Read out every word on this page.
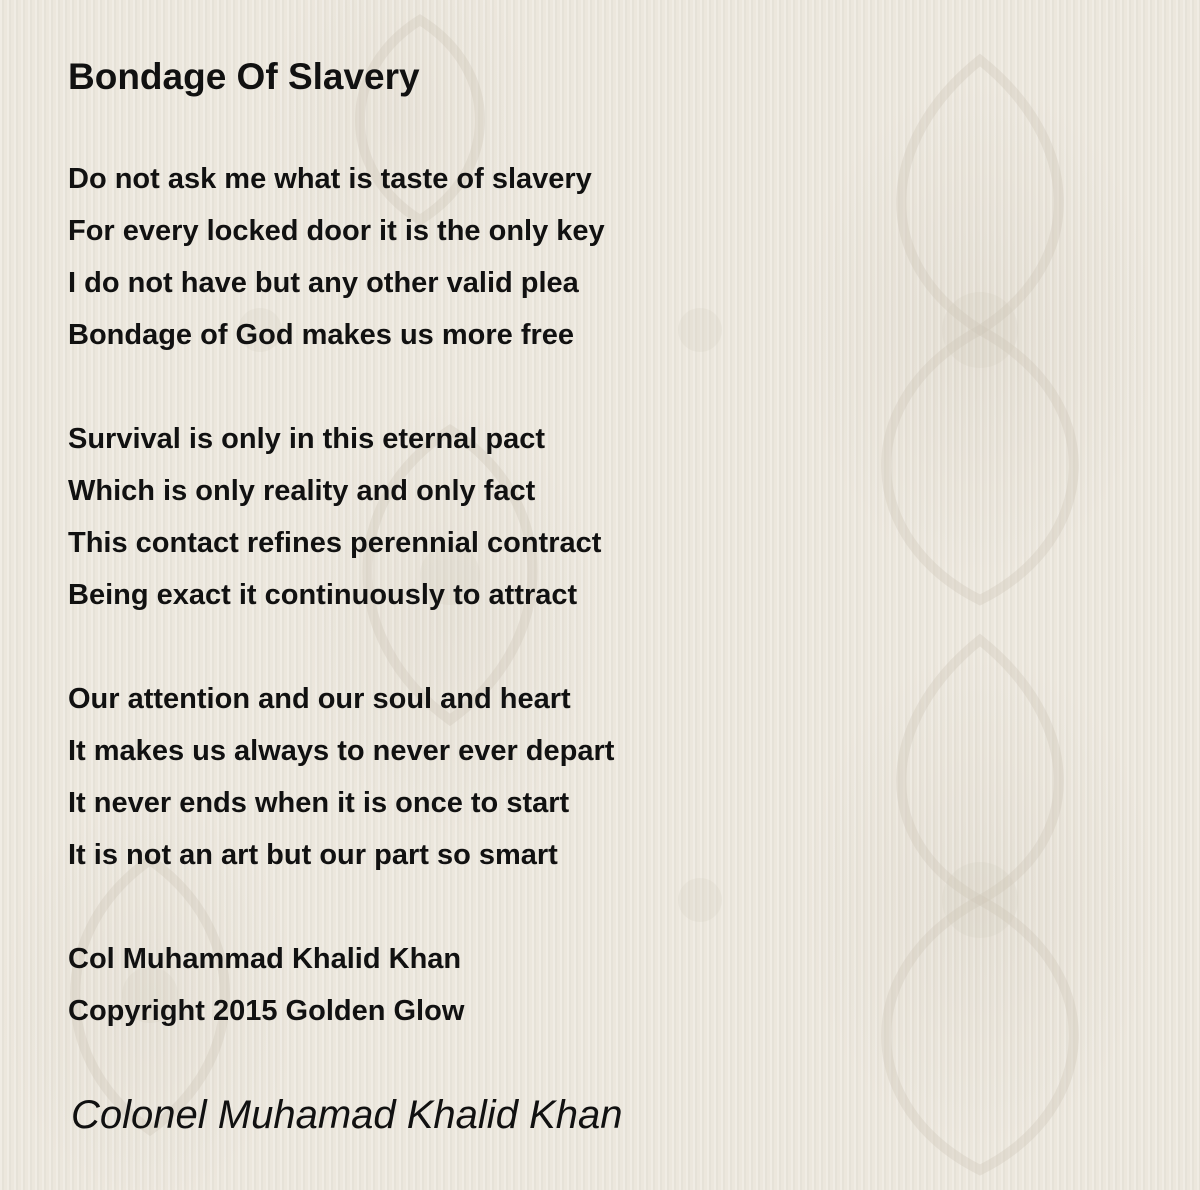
Bondage Of Slavery
Do not ask me what is taste of slavery
For every locked door it is the only key
I do not have but any other valid plea
Bondage of God makes us more free
Survival is only in this eternal pact
Which is only reality and only fact
This contact refines perennial contract
Being exact it continuously to attract
Our attention and our soul and heart
It makes us always to never ever depart
It never ends when it is once to start
It is not an art but our part so smart
Col Muhammad Khalid Khan
Copyright 2015 Golden Glow
Colonel Muhamad Khalid Khan
